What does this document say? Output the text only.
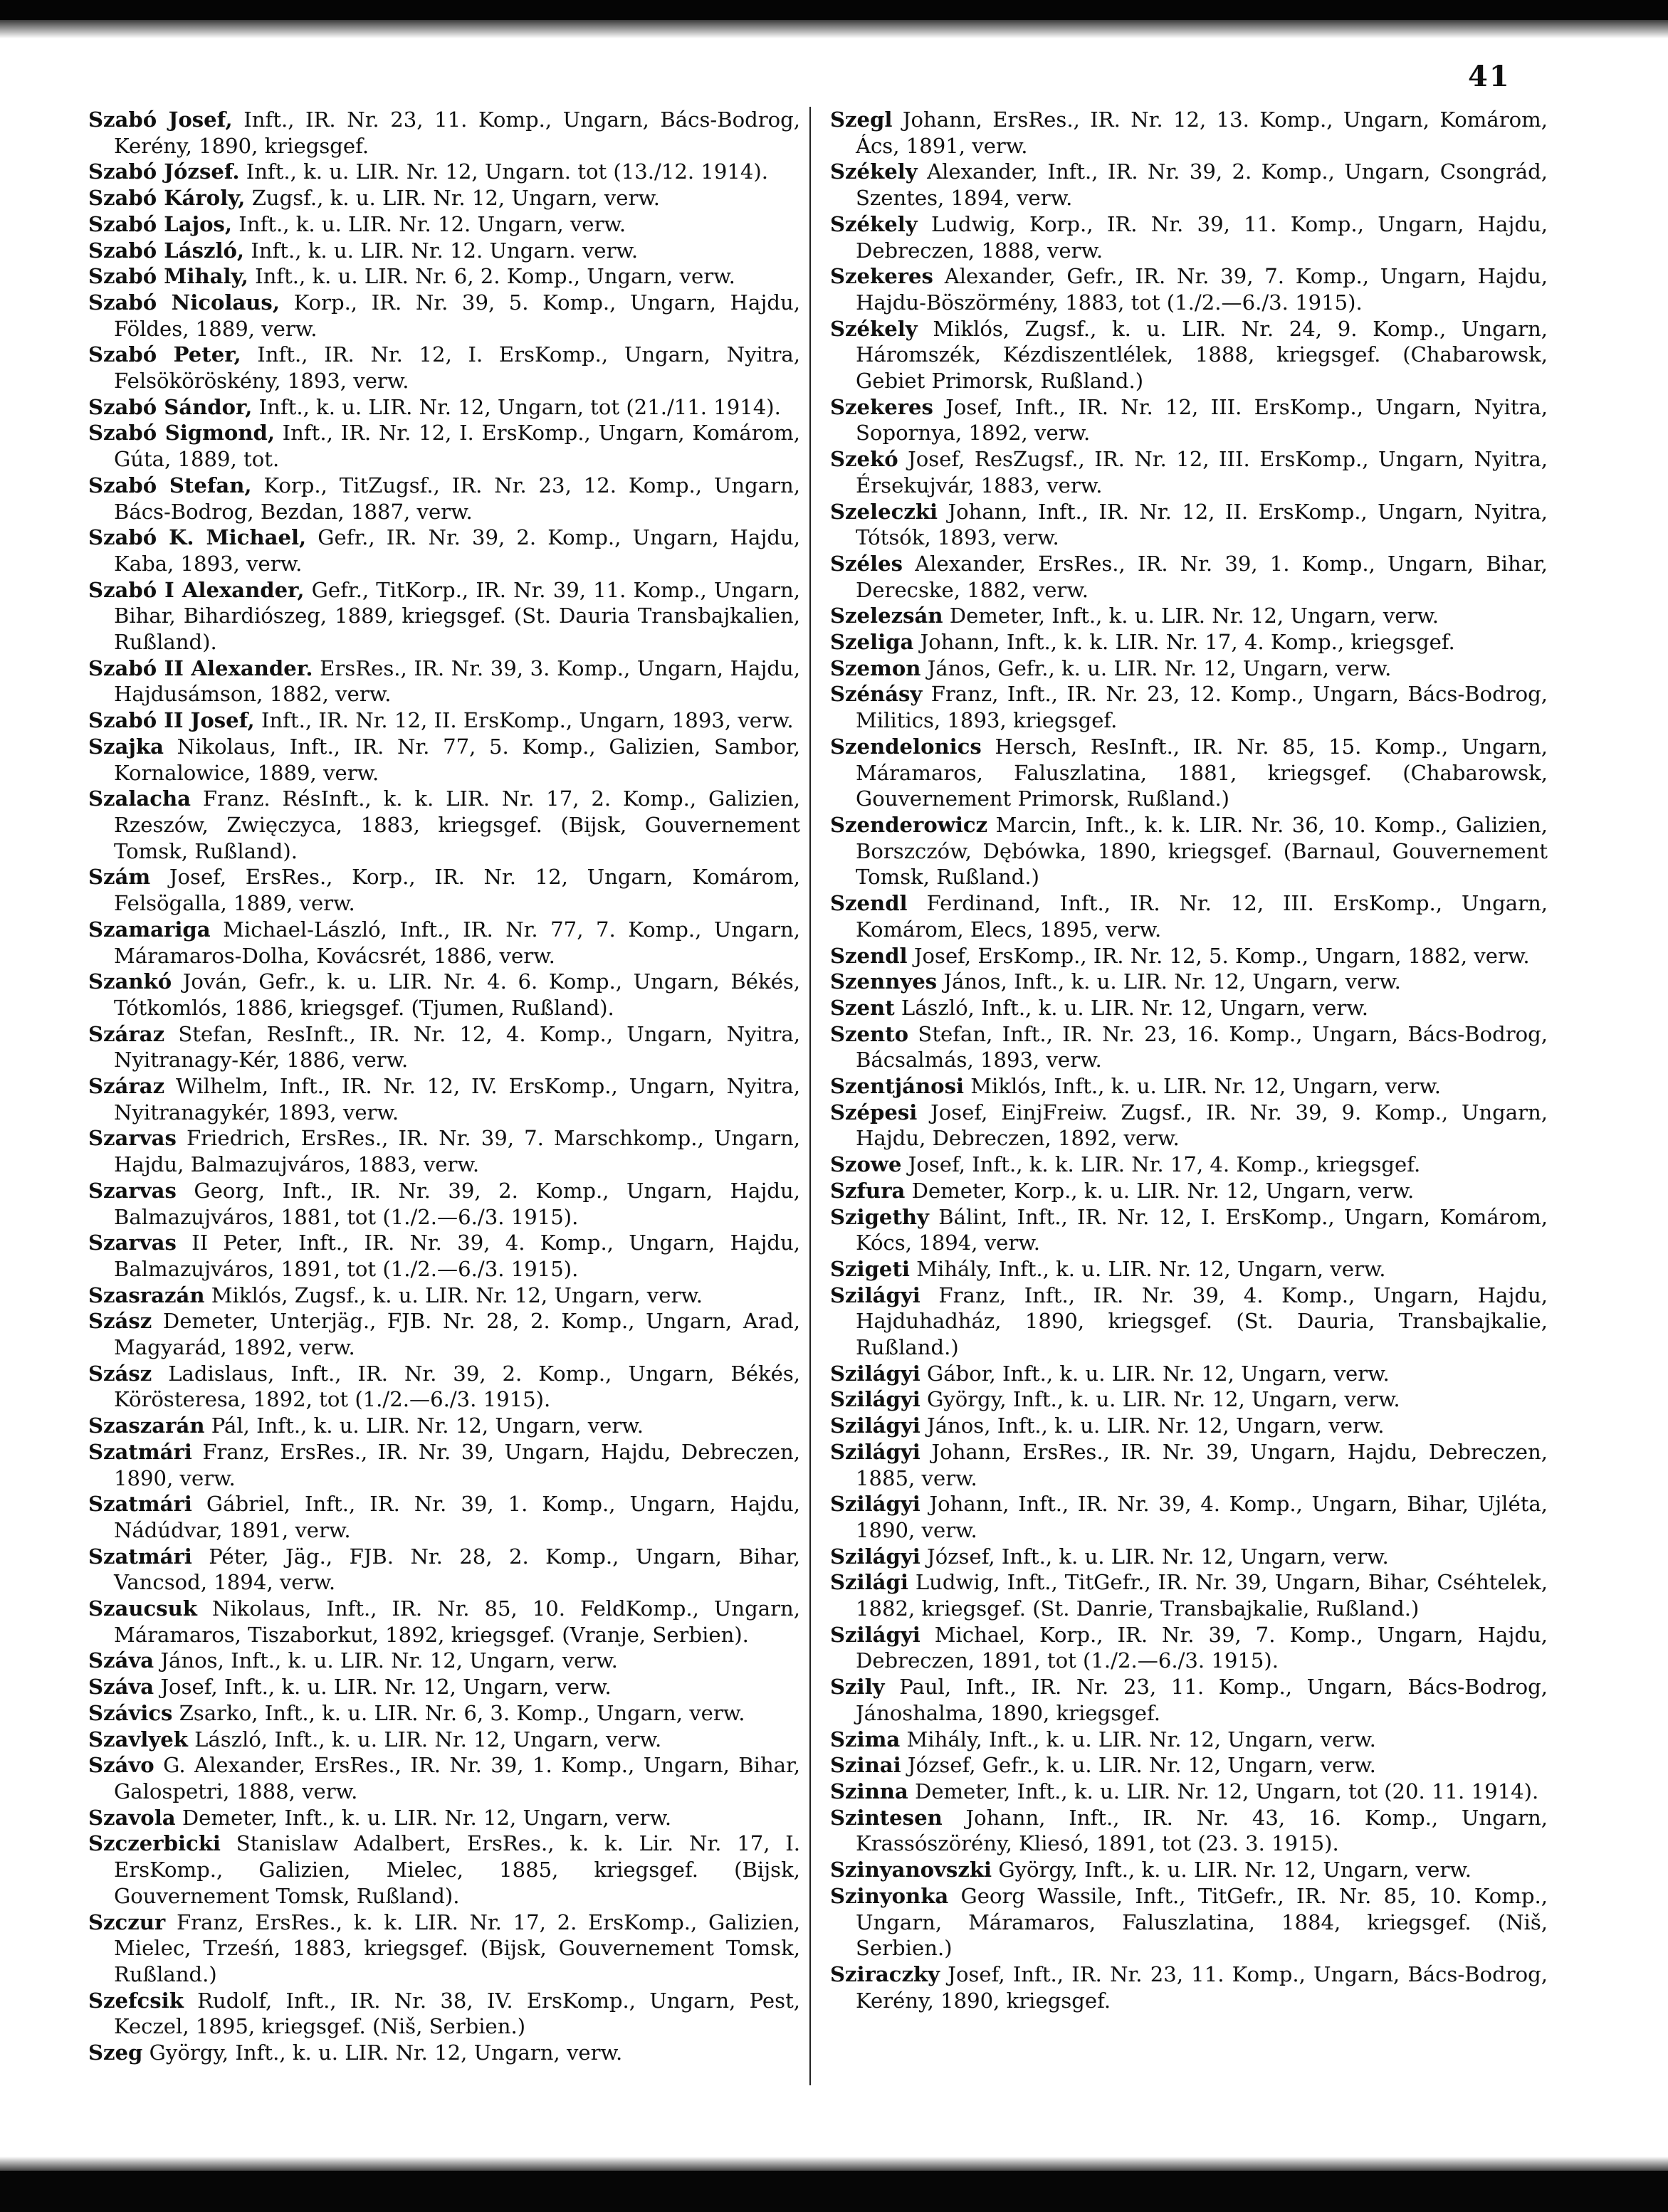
41

Szabó Josef, Inft., IR. Nr. 23, 11. Komp., Ungarn, Bács-Bodrog, Kerény, 1890, kriegsgef.

Szabó József. Inft., k. u. LIR. Nr. 12, Ungarn. tot (13./12. 1914).

Szabó Károly, Zugsf., k. u. LIR. Nr. 12, Ungarn, verw.

Szabó Lajos, Inft., k. u. LIR. Nr. 12. Ungarn, verw.

Szabó László, Inft., k. u. LIR. Nr. 12. Ungarn. verw.

Szabó Mihaly, Inft., k. u. LIR. Nr. 6, 2. Komp., Ungarn, verw.

Szabó Nicolaus, Korp., IR. Nr. 39, 5. Komp., Ungarn, Hajdu, Földes, 1889, verw.

Szabó Peter, Inft., IR. Nr. 12, I. ErsKomp., Ungarn, Nyitra, Felsököröskény, 1893, verw.

Szabó Sándor, Inft., k. u. LIR. Nr. 12, Ungarn, tot (21./11. 1914).

Szabó Sigmond, Inft., IR. Nr. 12, I. ErsKomp., Ungarn, Komárom, Gúta, 1889, tot.

Szabó Stefan, Korp., TitZugsf., IR. Nr. 23, 12. Komp., Ungarn, Bács-Bodrog, Bezdan, 1887, verw.

Szabó K. Michael, Gefr., IR. Nr. 39, 2. Komp., Ungarn, Hajdu, Kaba, 1893, verw.

Szabó I Alexander, Gefr., TitKorp., IR. Nr. 39, 11. Komp., Ungarn, Bihar, Bihardiószeg, 1889, kriegsgef. (St. Dauria Transbajkalien, Rußland).

Szabó II Alexander. ErsRes., IR. Nr. 39, 3. Komp., Ungarn, Hajdu, Hajdusámson, 1882, verw.

Szabó II Josef, Inft., IR. Nr. 12, II. ErsKomp., Ungarn, 1893, verw.

Szajka Nikolaus, Inft., IR. Nr. 77, 5. Komp., Galizien, Sambor, Kornalowice, 1889, verw.

Szalacha Franz. RésInft., k. k. LIR. Nr. 17, 2. Komp., Galizien, Rzeszów, Zwięczyca, 1883, kriegsgef. (Bijsk, Gouvernement Tomsk, Rußland).

Szám Josef, ErsRes., Korp., IR. Nr. 12, Ungarn, Komárom, Felsögalla, 1889, verw.

Szamariga Michael-László, Inft., IR. Nr. 77, 7. Komp., Ungarn, Máramaros-Dolha, Kovácsrét, 1886, verw.

Szankó Jován, Gefr., k. u. LIR. Nr. 4. 6. Komp., Ungarn, Békés, Tótkomlós, 1886, kriegsgef. (Tjumen, Rußland).

Száraz Stefan, ResInft., IR. Nr. 12, 4. Komp., Ungarn, Nyitra, Nyitranagy-Kér, 1886, verw.

Száraz Wilhelm, Inft., IR. Nr. 12, IV. ErsKomp., Ungarn, Nyitra, Nyitranagykér, 1893, verw.

Szarvas Friedrich, ErsRes., IR. Nr. 39, 7. Marschkomp., Ungarn, Hajdu, Balmazujváros, 1883, verw.

Szarvas Georg, Inft., IR. Nr. 39, 2. Komp., Ungarn, Hajdu, Balmazujváros, 1881, tot (1./2.—6./3. 1915).

Szarvas II Peter, Inft., IR. Nr. 39, 4. Komp., Ungarn, Hajdu, Balmazujváros, 1891, tot (1./2.—6./3. 1915).

Szasrazán Miklós, Zugsf., k. u. LIR. Nr. 12, Ungarn, verw.

Szász Demeter, Unterjäg., FJB. Nr. 28, 2. Komp., Ungarn, Arad, Magyarád, 1892, verw.

Szász Ladislaus, Inft., IR. Nr. 39, 2. Komp., Ungarn, Békés, Körösteresa, 1892, tot (1./2.—6./3. 1915).

Szaszarán Pál, Inft., k. u. LIR. Nr. 12, Ungarn, verw.

Szatmári Franz, ErsRes., IR. Nr. 39, Ungarn, Hajdu, Debreczen, 1890, verw.

Szatmári Gábriel, Inft., IR. Nr. 39, 1. Komp., Ungarn, Hajdu, Nádúdvar, 1891, verw.

Szatmári Péter, Jäg., FJB. Nr. 28, 2. Komp., Ungarn, Bihar, Vancsod, 1894, verw.

Szaucsuk Nikolaus, Inft., IR. Nr. 85, 10. FeldKomp., Ungarn, Máramaros, Tiszaborkut, 1892, kriegsgef. (Vranje, Serbien).

Száva János, Inft., k. u. LIR. Nr. 12, Ungarn, verw.

Száva Josef, Inft., k. u. LIR. Nr. 12, Ungarn, verw.

Szávics Zsarko, Inft., k. u. LIR. Nr. 6, 3. Komp., Ungarn, verw.

Szavlyek László, Inft., k. u. LIR. Nr. 12, Ungarn, verw.

Szávo G. Alexander, ErsRes., IR. Nr. 39, 1. Komp., Ungarn, Bihar, Galospetri, 1888, verw.

Szavola Demeter, Inft., k. u. LIR. Nr. 12, Ungarn, verw.

Szczerbicki Stanislaw Adalbert, ErsRes., k. k. Lir. Nr. 17, I. ErsKomp., Galizien, Mielec, 1885, kriegsgef. (Bijsk, Gouvernement Tomsk, Rußland).

Szczur Franz, ErsRes., k. k. LIR. Nr. 17, 2. ErsKomp., Galizien, Mielec, Trześń, 1883, kriegsgef. (Bijsk, Gouvernement Tomsk, Rußland.)

Szefcsik Rudolf, Inft., IR. Nr. 38, IV. ErsKomp., Ungarn, Pest, Keczel, 1895, kriegsgef. (Niš, Serbien.)

Szeg György, Inft., k. u. LIR. Nr. 12, Ungarn, verw.

Szegl Johann, ErsRes., IR. Nr. 12, 13. Komp., Ungarn, Komárom, Ács, 1891, verw.

Székely Alexander, Inft., IR. Nr. 39, 2. Komp., Ungarn, Csongrád, Szentes, 1894, verw.

Székely Ludwig, Korp., IR. Nr. 39, 11. Komp., Ungarn, Hajdu, Debreczen, 1888, verw.

Szekeres Alexander, Gefr., IR. Nr. 39, 7. Komp., Ungarn, Hajdu, Hajdu-Böszörmény, 1883, tot (1./2.—6./3. 1915).

Székely Miklós, Zugsf., k. u. LIR. Nr. 24, 9. Komp., Ungarn, Háromszék, Kézdiszentlélek, 1888, kriegsgef. (Chabarowsk, Gebiet Primorsk, Rußland.)

Szekeres Josef, Inft., IR. Nr. 12, III. ErsKomp., Ungarn, Nyitra, Sopornya, 1892, verw.

Szekó Josef, ResZugsf., IR. Nr. 12, III. ErsKomp., Ungarn, Nyitra, Érsekujvár, 1883, verw.

Szeleczki Johann, Inft., IR. Nr. 12, II. ErsKomp., Ungarn, Nyitra, Tótsók, 1893, verw.

Széles Alexander, ErsRes., IR. Nr. 39, 1. Komp., Ungarn, Bihar, Derecske, 1882, verw.

Szelezsán Demeter, Inft., k. u. LIR. Nr. 12, Ungarn, verw.

Szeliga Johann, Inft., k. k. LIR. Nr. 17, 4. Komp., kriegsgef.

Szemon János, Gefr., k. u. LIR. Nr. 12, Ungarn, verw.

Szénásy Franz, Inft., IR. Nr. 23, 12. Komp., Ungarn, Bács-Bodrog, Militics, 1893, kriegsgef.

Szendelonics Hersch, ResInft., IR. Nr. 85, 15. Komp., Ungarn, Máramaros, Faluszlatina, 1881, kriegsgef. (Chabarowsk, Gouvernement Primorsk, Rußland.)

Szenderowicz Marcin, Inft., k. k. LIR. Nr. 36, 10. Komp., Galizien, Borszczów, Dębówka, 1890, kriegsgef. (Barnaul, Gouvernement Tomsk, Rußland.)

Szendl Ferdinand, Inft., IR. Nr. 12, III. ErsKomp., Ungarn, Komárom, Elecs, 1895, verw.

Szendl Josef, ErsKomp., IR. Nr. 12, 5. Komp., Ungarn, 1882, verw.

Szennyes János, Inft., k. u. LIR. Nr. 12, Ungarn, verw.

Szent László, Inft., k. u. LIR. Nr. 12, Ungarn, verw.

Szento Stefan, Inft., IR. Nr. 23, 16. Komp., Ungarn, Bács-Bodrog, Bácsalmás, 1893, verw.

Szentjánosi Miklós, Inft., k. u. LIR. Nr. 12, Ungarn, verw.

Szépesi Josef, EinjFreiw. Zugsf., IR. Nr. 39, 9. Komp., Ungarn, Hajdu, Debreczen, 1892, verw.

Szowe Josef, Inft., k. k. LIR. Nr. 17, 4. Komp., kriegsgef.

Szfura Demeter, Korp., k. u. LIR. Nr. 12, Ungarn, verw.

Szigethy Bálint, Inft., IR. Nr. 12, I. ErsKomp., Ungarn, Komárom, Kócs, 1894, verw.

Szigeti Mihály, Inft., k. u. LIR. Nr. 12, Ungarn, verw.

Szilágyi Franz, Inft., IR. Nr. 39, 4. Komp., Ungarn, Hajdu, Hajduhadház, 1890, kriegsgef. (St. Dauria, Transbajkalie, Rußland.)

Szilágyi Gábor, Inft., k. u. LIR. Nr. 12, Ungarn, verw.

Szilágyi György, Inft., k. u. LIR. Nr. 12, Ungarn, verw.

Szilágyi János, Inft., k. u. LIR. Nr. 12, Ungarn, verw.

Szilágyi Johann, ErsRes., IR. Nr. 39, Ungarn, Hajdu, Debreczen, 1885, verw.

Szilágyi Johann, Inft., IR. Nr. 39, 4. Komp., Ungarn, Bihar, Ujléta, 1890, verw.

Szilágyi József, Inft., k. u. LIR. Nr. 12, Ungarn, verw.

Szilági Ludwig, Inft., TitGefr., IR. Nr. 39, Ungarn, Bihar, Cséhtelek, 1882, kriegsgef. (St. Danrie, Transbajkalie, Rußland.)

Szilágyi Michael, Korp., IR. Nr. 39, 7. Komp., Ungarn, Hajdu, Debreczen, 1891, tot (1./2.—6./3. 1915).

Szily Paul, Inft., IR. Nr. 23, 11. Komp., Ungarn, Bács-Bodrog, Jánoshalma, 1890, kriegsgef.

Szima Mihály, Inft., k. u. LIR. Nr. 12, Ungarn, verw.

Szinai József, Gefr., k. u. LIR. Nr. 12, Ungarn, verw.

Szinna Demeter, Inft., k. u. LIR. Nr. 12, Ungarn, tot (20. 11. 1914).

Szintesen Johann, Inft., IR. Nr. 43, 16. Komp., Ungarn, Krassószörény, Kliesó, 1891, tot (23. 3. 1915).

Szinyanovszki György, Inft., k. u. LIR. Nr. 12, Ungarn, verw.

Szinyonka Georg Wassile, Inft., TitGefr., IR. Nr. 85, 10. Komp., Ungarn, Máramaros, Faluszlatina, 1884, kriegsgef. (Niš, Serbien.)

Sziraczky Josef, Inft., IR. Nr. 23, 11. Komp., Ungarn, Bács-Bodrog, Kerény, 1890, kriegsgef.
